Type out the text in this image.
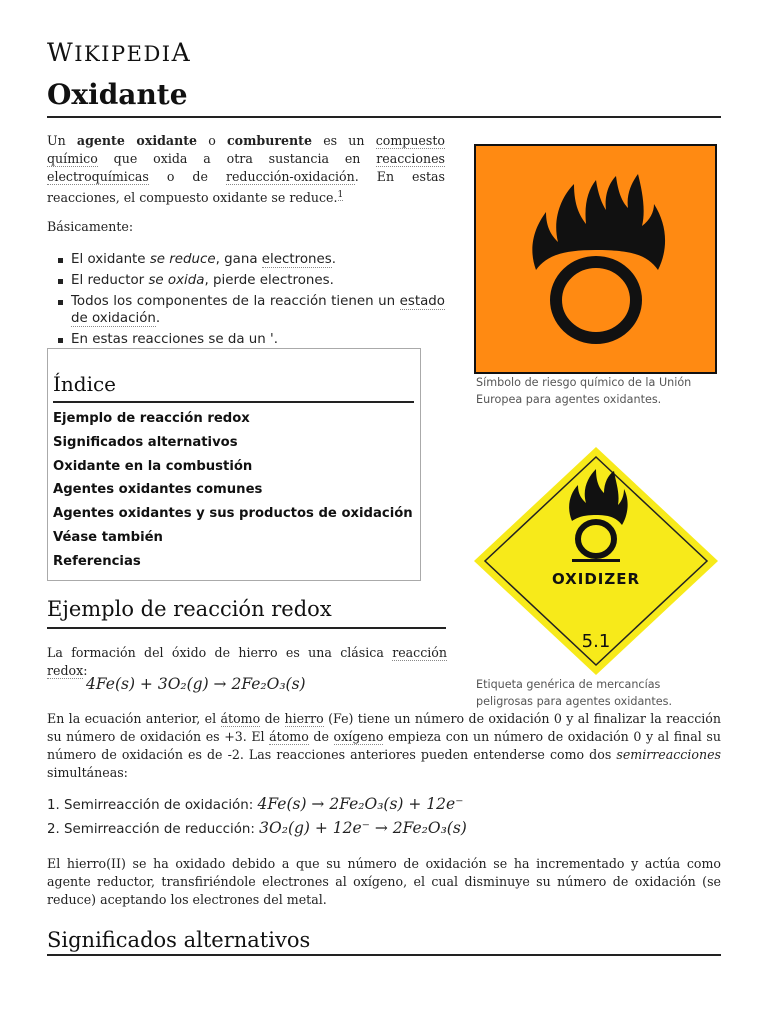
WIKIPEDIA
Oxidante
Un agente oxidante o comburente es un compuesto químico que oxida a otra sustancia en reacciones electroquímicas o de reducción-oxidación. En estas reacciones, el compuesto oxidante se reduce.$^1$
Básicamente:
El oxidante se reduce, gana electrones.
El reductor se oxida, pierde electrones.
Todos los componentes de la reacción tienen un estado de oxidación.
En estas reacciones se da un '.
Índice
Ejemplo de reacción redox
Significados alternativos
Oxidante en la combustión
Agentes oxidantes comunes
Agentes oxidantes y sus productos de oxidación
Véase también
Referencias
Ejemplo de reacción redox
La formación del óxido de hierro es una clásica reacción redox:
4Fe(s) + 3O₂(g) → 2Fe₂O₃(s)
En la ecuación anterior, el átomo de hierro (Fe) tiene un número de oxidación 0 y al finalizar la reacción su número de oxidación es +3. El átomo de oxígeno empieza con un número de oxidación 0 y al final su número de oxidación es de -2. Las reacciones anteriores pueden entenderse como dos semirreacciones simultáneas:
1. Semirreacción de oxidación: 4Fe(s) → 2Fe₂O₃(s) + 12e⁻
2. Semirreacción de reducción: 3O₂(g) + 12e⁻ → 2Fe₂O₃(s)
El hierro(II) se ha oxidado debido a que su número de oxidación se ha incrementado y actúa como agente reductor, transfiriéndole electrones al oxígeno, el cual disminuye su número de oxidación (se reduce) aceptando los electrones del metal.
Significados alternativos
Símbolo de riesgo químico de la Unión Europea para agentes oxidantes.
OXIDIZER
5.1
Etiqueta genérica de mercancías peligrosas para agentes oxidantes.
